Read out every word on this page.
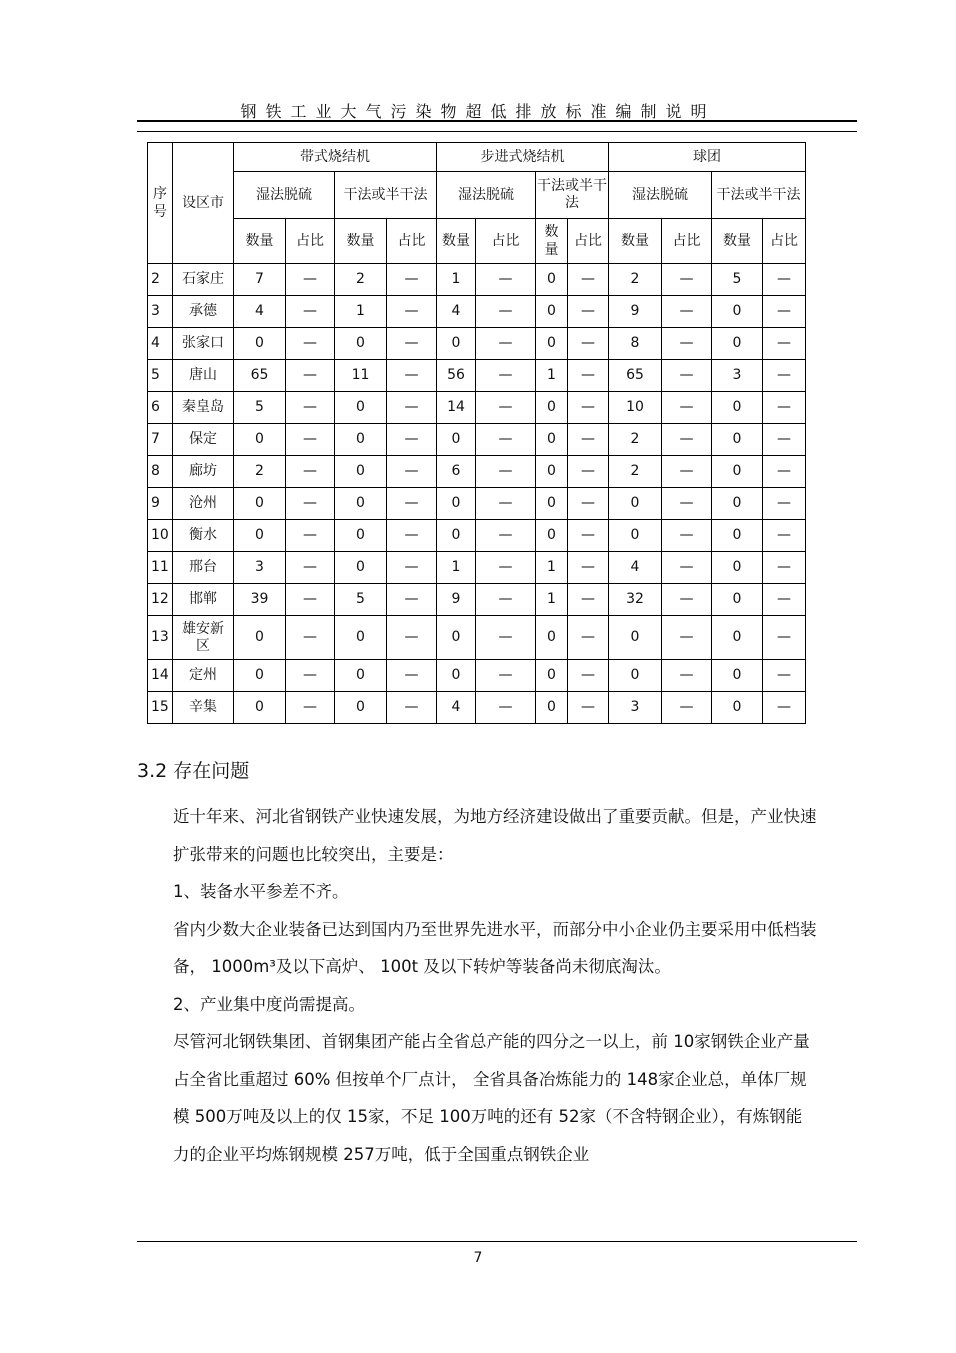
钢铁工业大气污染物超低排放标准编制说明
序号	设区市	带式烧结机				步进式烧结机				球团			
		湿法脱硫		干法或半干法		湿法脱硫		干法或半干法		湿法脱硫		干法或半干法	
		数量	占比	数量	占比	数量	占比	数量	占比	数量	占比	数量	占比
2	石家庄	7	—	2	—	1	—	0	—	2	—	5	—
3	承德	4	—	1	—	4	—	0	—	9	—	0	—
4	张家口	0	—	0	—	0	—	0	—	8	—	0	—
5	唐山	65	—	11	—	56	—	1	—	65	—	3	—
6	秦皇岛	5	—	0	—	14	—	0	—	10	—	0	—
7	保定	0	—	0	—	0	—	0	—	2	—	0	—
8	廊坊	2	—	0	—	6	—	0	—	2	—	0	—
9	沧州	0	—	0	—	0	—	0	—	0	—	0	—
10	衡水	0	—	0	—	0	—	0	—	0	—	0	—
11	邢台	3	—	0	—	1	—	1	—	4	—	0	—
12	邯郸	39	—	5	—	9	—	1	—	32	—	0	—
13	雄安新区	0	—	0	—	0	—	0	—	0	—	0	—
14	定州	0	—	0	—	0	—	0	—	0	—	0	—
15	辛集	0	—	0	—	4	—	0	—	3	—	0	—
3.2 存在问题

近十年来、河北省钢铁产业快速发展，为地方经济建设做出了重要贡献。但是，产业快速扩张带来的问题也比较突出，主要是：

1、装备水平参差不齐。

省内少数大企业装备已达到国内乃至世界先进水平，而部分中小企业仍主要采用中低档装备， 1000m³及以下高炉、 100t 及以下转炉等装备尚未彻底淘汰。

2、产业集中度尚需提高。

尽管河北钢铁集团、首钢集团产能占全省总产能的四分之一以上，前 10家钢铁企业产量占全省比重超过 60% 但按单个厂点计， 全省具备冶炼能力的 148家企业总，单体厂规模 500万吨及以上的仅 15家，不足 100万吨的还有 52家（不含特钢企业），有炼钢能力的企业平均炼钢规模 257万吨，低于全国重点钢铁企业

7
